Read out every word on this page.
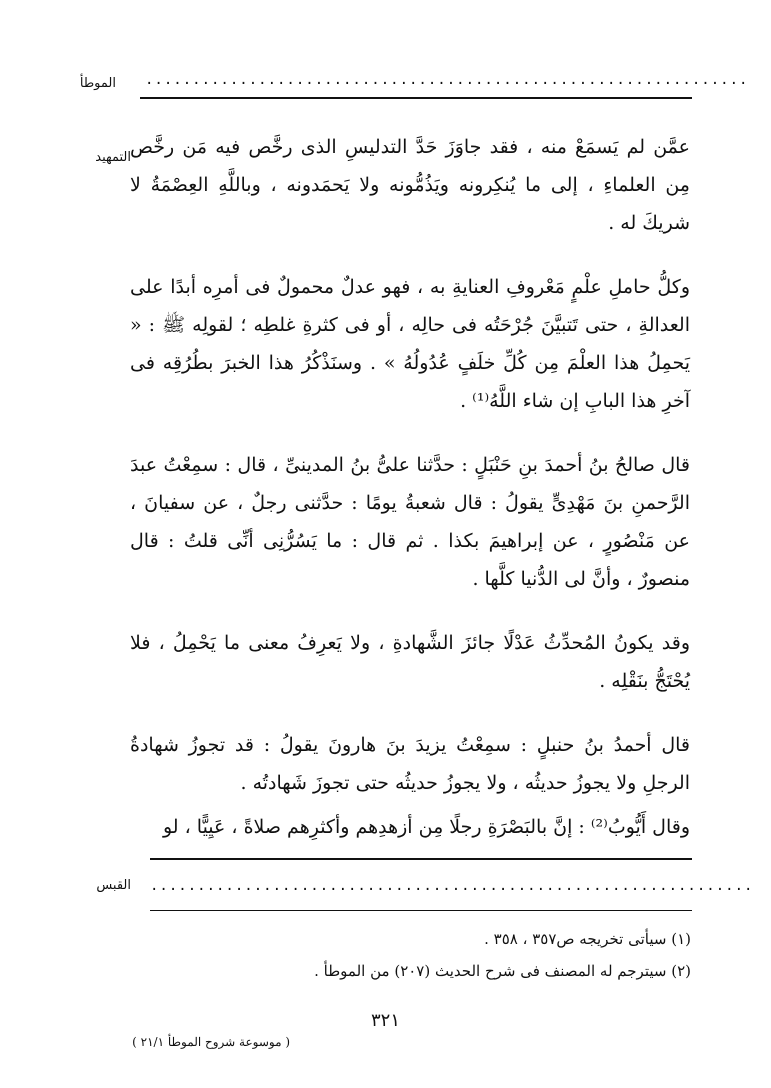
الموطأ ................................................................
التمهيد عمَّن لم يَسمَعْ منه ، فقد جاوَزَ حَدَّ التدليسِ الذى رخَّص فيه مَن رخَّص مِن العلماءِ ، إلى ما يُنكِرونه ويَذُمُّونه ولا يَحمَدونه ، وباللَّهِ العِصْمَةُ لا شريكَ له .

وكلُّ حاملِ علْمٍ مَعْروفِ العنايةِ به ، فهو عدلٌ محمولٌ فى أمرِه أبدًا على العدالةِ ، حتى تَتبيَّنَ جُرْحَتُه فى حالِه ، أو فى كثرةِ غلطِه ؛ لقولِه ﷺ : « يَحمِلُ هذا العلْمَ مِن كُلِّ خلَفٍ عُدُولُهُ » . وسنَذْكُرُ هذا الخبرَ بطُرُقِه فى آخرِ هذا البابِ إن شاء اللَّهُ⁽¹⁾ .

قال صالحُ بنُ أحمدَ بنِ حَنْبَلٍ : حدَّثنا علىُّ بنُ المدينىِّ ، قال : سمِعْتُ عبدَ الرَّحمنِ بنَ مَهْدِىٍّ يقولُ : قال شعبةُ يومًا : حدَّثنى رجلٌ ، عن سفيانَ ، عن مَنْصُورٍ ، عن إبراهيمَ بكذا . ثم قال : ما يَسُرُّنِى أنِّى قلتُ : قال منصورٌ ، وأنَّ لى الدُّنيا كلَّها .

وقد يكونُ المُحدِّثُ عَدْلًا جائزَ الشَّهادةِ ، ولا يَعرِفُ معنى ما يَحْمِلُ ، فلا يُحْتَجُّ بنَقْلِه .

قال أحمدُ بنُ حنبلٍ : سمِعْتُ يزيدَ بنَ هارونَ يقولُ : قد تجوزُ شهادةُ الرجلِ ولا يجوزُ حديثُه ، ولا يجوزُ حديثُه حتى تجوزَ شَهادتُه .

وقال أَيُّوبُ⁽²⁾ : إنَّ بالبَصْرَةِ رجلًا مِن أزهدِهم وأكثرِهم صلاةً ، عَيِيًّا ، لو

القبس ................................................................
(١) سيأتى تخريجه ص٣٥٧ ، ٣٥٨ .
(٢) سيترجم له المصنف فى شرح الحديث (٢٠٧) من الموطأ .
٣٢١
( موسوعة شروح الموطأ ٢١/١ )
